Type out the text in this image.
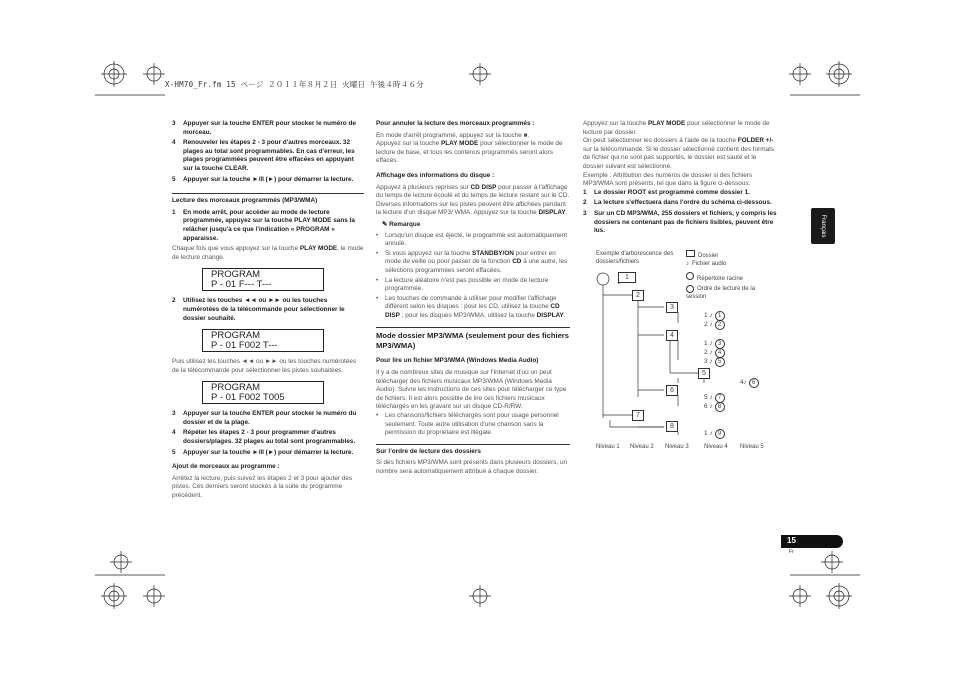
X-HM70_Fr.fm 15 ページ ２０１１年８月２日 火曜日 午後４時４６分
3	Appuyer sur la touche ENTER pour stocker le numéro de morceau.
4	Renouveler les étapes 2 - 3 pour d'autres morceaux. 32 plages au total sont programmables. En cas d'erreur, les plages programmées peuvent être effacées en appuyant sur la touche CLEAR.
5	Appuyer sur la touche ►/II (►) pour démarrer la lecture.
Lecture des morceaux programmés (MP3/WMA)
1	En mode arrêt, pour accéder au mode de lecture programmée, appuyez sur la touche PLAY MODE sans la relâcher jusqu'à ce que l'indication « PROGRAM » apparaisse.

Chaque fois que vous appuyez sur la touche PLAY MODE, le mode de lecture change.

PROGRAM
P - 01 F--- T---
2	Utilisez les touches ◄◄ ou ►► ou les touches numérotées de la télécommande pour sélectionner le dossier souhaité.
PROGRAM
P - 01 F002 T---

Puis utilisez les touches ◄◄ ou ►► ou les touches numérotées de la télécommande pour sélectionner les pistes souhaitées.

PROGRAM
P - 01 F002 T005
3	Appuyer sur la touche ENTER pour stocker le numéro du dossier et de la plage.
4	Répéter les étapes 2 - 3 pour programmer d'autres dossiers/plages. 32 plages au total sont programmables.
5	Appuyer sur la touche ►/II (►) pour démarrer la lecture.
Ajout de morceaux au programme :

Arrêtez la lecture, puis suivez les étapes 2 et 3 pour ajouter des pistes. Ces derniers seront stockés à la suite du programme précédent.

Pour annuler la lecture des morceaux programmés :

En mode d'arrêt programmé, appuyez sur la touche ■.

Appuyez sur la touche PLAY MODE pour sélectionner le mode de lecture de base, et tous les contenus programmés seront alors effacés.

Affichage des informations du disque :

Appuyez à plusieurs reprises sur CD DISP pour passer à l'affichage du temps de lecture écoulé et du temps de lecture restant sur le CD.

Diverses informations sur les pistes peuvent être affichées pendant la lecture d'un disque MP3/ WMA. Appuyez sur la touche DISPLAY.

✎ Remarque
•	Lorsqu'un disque est éjecté, le programme est automatiquement annulé.
•	Si vous appuyez sur la touche STANDBY/ON pour entrer en mode de veille ou pour passer de la fonction CD à une autre, les sélections programmées seront effacées.
•	La lecture aléatoire n'est pas possible en mode de lecture programmée.
•	Les touches de commande à utiliser pour modifier l'affichage diffèrent selon les disques : pour les CD, utilisez la touche CD DISP ; pour les disques MP3/WMA, utilisez la touche DISPLAY.
Mode dossier MP3/WMA (seulement pour des fichiers MP3/WMA)
Pour lire un fichier MP3/WMA (Windows Media Audio)

Il y a de nombreux sites de musique sur l'Internet d'où on peut télécharger des fichiers musicaux MP3/WMA (Windows Media Audio). Suivre les instructions de ces sites pour télécharger ce type de fichiers. Il est alors possible de lire ces fichiers musicaux téléchargés en les gravant sur un disque CD-R/RW.

•	Les chansons/fichiers téléchargés sont pour usage personnel seulement. Toute autre utilisation d'une chanson sans la permission du propriétaire est illégale.
Sur l'ordre de lecture des dossiers

Si des fichiers MP3/WMA sont présents dans plusieurs dossiers, un nombre sera automatiquement attribué à chaque dossier.

Appuyez sur la touche PLAY MODE pour sélectionner le mode de lecture par dossier.

On peut sélectionner les dossiers à l'aide de la touche FOLDER +/- sur la télécommande. Si le dossier sélectionné contient des formats de fichier qui ne sont pas supportés, le dossier est sauté et le dossier suivant est sélectionné.

Exemple : Attribution des numéros de dossier si des fichiers MP3/WMA sont présents, tel que dans la figure ci-dessous.

1	Le dossier ROOT est programmé comme dossier 1.
2	La lecture s'effectuera dans l'ordre du schéma ci-dessous.
3	Sur un CD MP3/WMA, 255 dossiers et fichiers, y compris les dossiers ne contenant pas de fichiers lisibles, peuvent être lus.
Exemple d'arborescence des dossiers/fichiers
Dossier
♪ Fichier audio
Répertoire racine
Ordre de lecture de la session
1
2
3
4
5
6
7
8
1 ♪ 1
2 ♪ 2
1 ♪ 3
2 ♪ 4
3 ♪ 5
4♪ 6
5 ♪ 7
6 ♪ 8
1 ♪ 9
Niveau 1 Niveau 2 Niveau 3	Niveau 4 Niveau 5
Français
15
Fr
